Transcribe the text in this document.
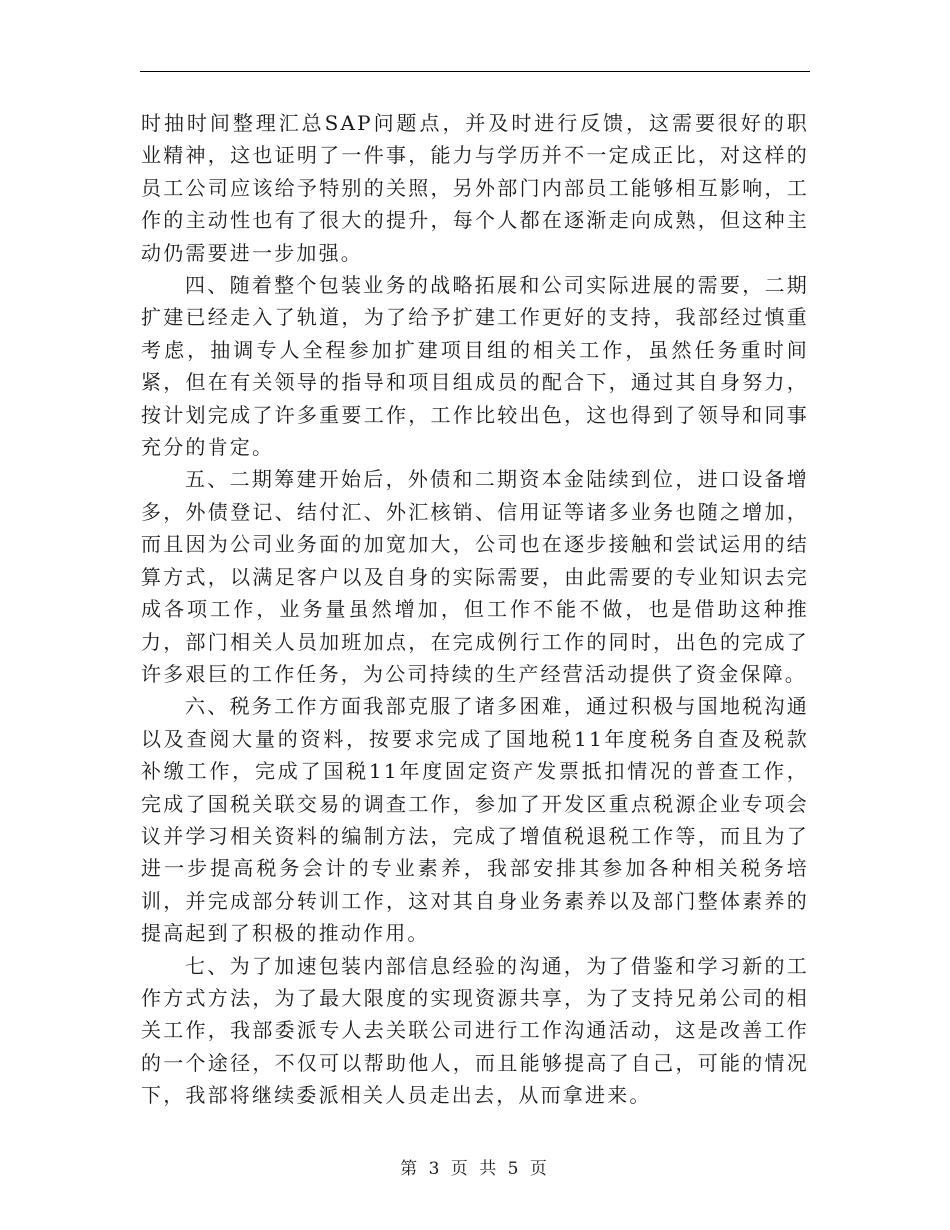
时抽时间整理汇总SAP问题点，并及时进行反馈，这需要很好的职业精神，这也证明了一件事，能力与学历并不一定成正比，对这样的员工公司应该给予特别的关照，另外部门内部员工能够相互影响，工作的主动性也有了很大的提升，每个人都在逐渐走向成熟，但这种主动仍需要进一步加强。

四、随着整个包装业务的战略拓展和公司实际进展的需要，二期扩建已经走入了轨道，为了给予扩建工作更好的支持，我部经过慎重考虑，抽调专人全程参加扩建项目组的相关工作，虽然任务重时间紧，但在有关领导的指导和项目组成员的配合下，通过其自身努力，按计划完成了许多重要工作，工作比较出色，这也得到了领导和同事充分的肯定。

五、二期筹建开始后，外债和二期资本金陆续到位，进口设备增多，外债登记、结付汇、外汇核销、信用证等诸多业务也随之增加，而且因为公司业务面的加宽加大，公司也在逐步接触和尝试运用的结算方式，以满足客户以及自身的实际需要，由此需要的专业知识去完成各项工作，业务量虽然增加，但工作不能不做，也是借助这种推力，部门相关人员加班加点，在完成例行工作的同时，出色的完成了许多艰巨的工作任务，为公司持续的生产经营活动提供了资金保障。

六、税务工作方面我部克服了诸多困难，通过积极与国地税沟通以及查阅大量的资料，按要求完成了国地税11年度税务自查及税款补缴工作，完成了国税11年度固定资产发票抵扣情况的普查工作，完成了国税关联交易的调查工作，参加了开发区重点税源企业专项会议并学习相关资料的编制方法，完成了增值税退税工作等，而且为了进一步提高税务会计的专业素养，我部安排其参加各种相关税务培训，并完成部分转训工作，这对其自身业务素养以及部门整体素养的提高起到了积极的推动作用。

七、为了加速包装内部信息经验的沟通，为了借鉴和学习新的工作方式方法，为了最大限度的实现资源共享，为了支持兄弟公司的相关工作，我部委派专人去关联公司进行工作沟通活动，这是改善工作的一个途径，不仅可以帮助他人，而且能够提高了自己，可能的情况下，我部将继续委派相关人员走出去，从而拿进来。

第 3 页 共 5 页
